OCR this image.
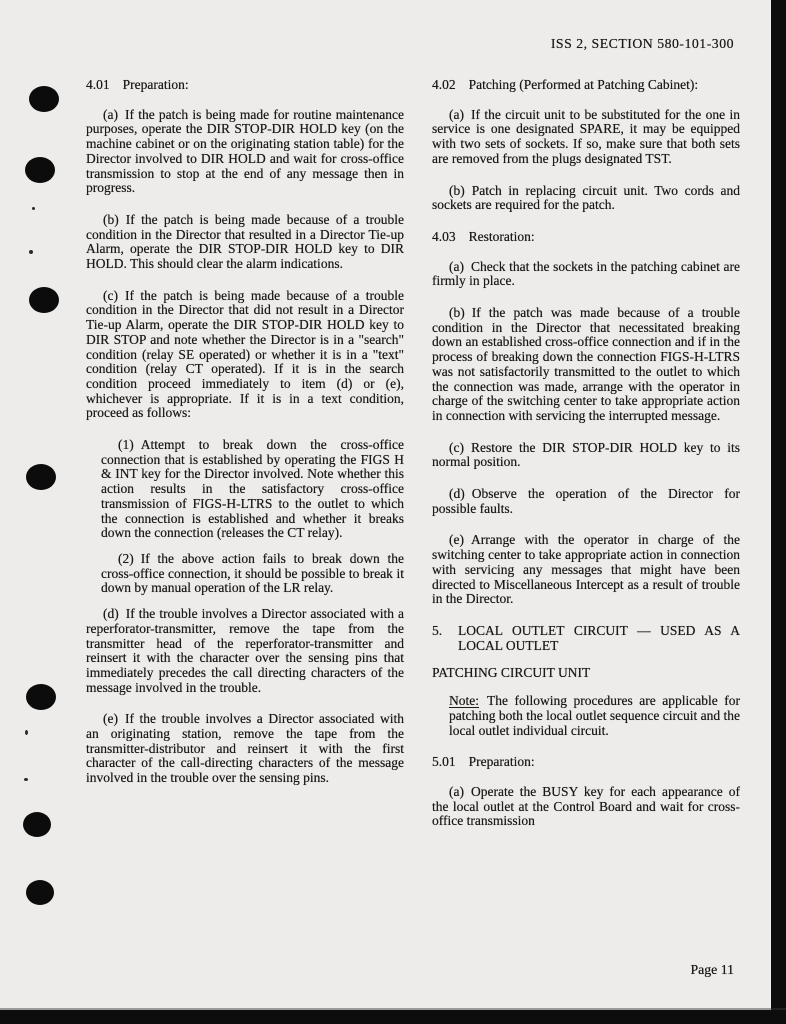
ISS 2, SECTION 580-101-300

4.01 Preparation:

(a) If the patch is being made for routine maintenance purposes, operate the DIR STOP-DIR HOLD key (on the machine cabinet or on the originating station table) for the Director involved to DIR HOLD and wait for cross-office transmission to stop at the end of any message then in progress.

(b) If the patch is being made because of a trouble condition in the Director that resulted in a Director Tie-up Alarm, operate the DIR STOP-DIR HOLD key to DIR HOLD. This should clear the alarm indications.

(c) If the patch is being made because of a trouble condition in the Director that did not result in a Director Tie-up Alarm, operate the DIR STOP-DIR HOLD key to DIR STOP and note whether the Director is in a "search" condition (relay SE operated) or whether it is in a "text" condition (relay CT operated). If it is in the search condition proceed immediately to item (d) or (e), whichever is appropriate. If it is in a text condition, proceed as follows:

(1) Attempt to break down the cross-office connection that is established by operating the FIGS H & INT key for the Director involved. Note whether this action results in the satisfactory cross-office transmission of FIGS-H-LTRS to the outlet to which the connection is established and whether it breaks down the connection (releases the CT relay).

(2) If the above action fails to break down the cross-office connection, it should be possible to break it down by manual operation of the LR relay.

(d) If the trouble involves a Director associated with a reperforator-transmitter, remove the tape from the transmitter head of the reperforator-transmitter and reinsert it with the character over the sensing pins that immediately precedes the call directing characters of the message involved in the trouble.

(e) If the trouble involves a Director associated with an originating station, remove the tape from the transmitter-distributor and reinsert it with the first character of the call-directing characters of the message involved in the trouble over the sensing pins.

4.02 Patching (Performed at Patching Cabinet):

(a) If the circuit unit to be substituted for the one in service is one designated SPARE, it may be equipped with two sets of sockets. If so, make sure that both sets are removed from the plugs designated TST.

(b) Patch in replacing circuit unit. Two cords and sockets are required for the patch.

4.03 Restoration:

(a) Check that the sockets in the patching cabinet are firmly in place.

(b) If the patch was made because of a trouble condition in the Director that necessitated breaking down an established cross-office connection and if in the process of breaking down the connection FIGS-H-LTRS was not satisfactorily transmitted to the outlet to which the connection was made, arrange with the operator in charge of the switching center to take appropriate action in connection with servicing the interrupted message.

(c) Restore the DIR STOP-DIR HOLD key to its normal position.

(d) Observe the operation of the Director for possible faults.

(e) Arrange with the operator in charge of the switching center to take appropriate action in connection with servicing any messages that might have been directed to Miscellaneous Intercept as a result of trouble in the Director.

5.	LOCAL OUTLET CIRCUIT — USED AS A LOCAL OUTLET

PATCHING CIRCUIT UNIT

Note: The following procedures are applicable for patching both the local outlet sequence circuit and the local outlet individual circuit.

5.01 Preparation:

(a) Operate the BUSY key for each appearance of the local outlet at the Control Board and wait for cross-office transmission

Page 11
